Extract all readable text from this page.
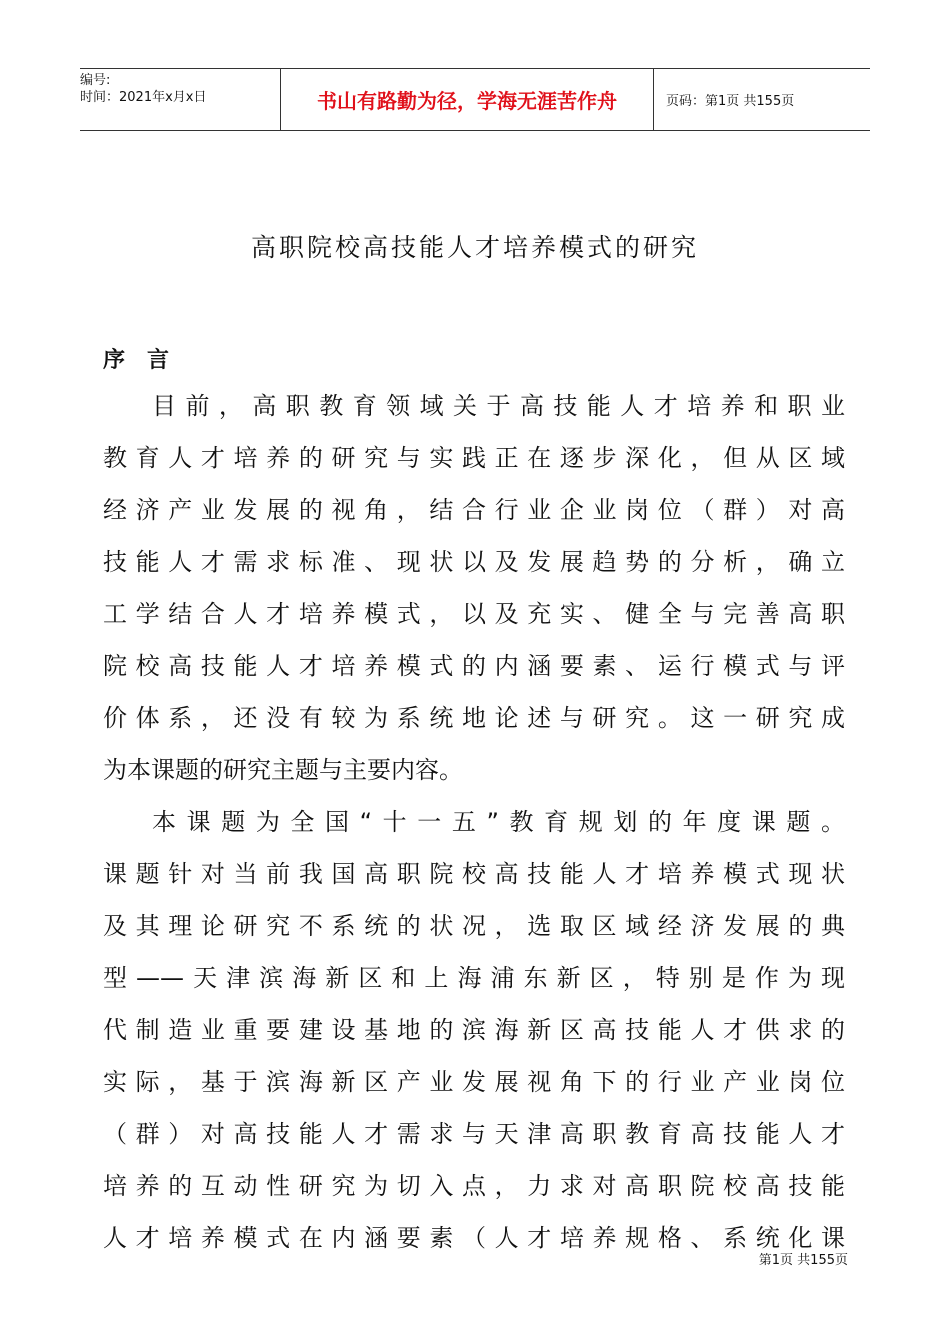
编号:
时间：2021年x月x日	书山有路勤为径，学海无涯苦作舟	页码：第1页 共155页
高职院校高技能人才培养模式的研究
序　言
目前，高职教育领域关于高技能人才培养和职业
教育人才培养的研究与实践正在逐步深化，但从区域
经济产业发展的视角，结合行业企业岗位（群）对高
技能人才需求标准、现状以及发展趋势的分析，确立
工学结合人才培养模式，以及充实、健全与完善高职
院校高技能人才培养模式的内涵要素、运行模式与评
价体系，还没有较为系统地论述与研究。这一研究成
为本课题的研究主题与主要内容。
本课题为全国“十一五”教育规划的年度课题。
课题针对当前我国高职院校高技能人才培养模式现状
及其理论研究不系统的状况，选取区域经济发展的典
型——天津滨海新区和上海浦东新区，特别是作为现
代制造业重要建设基地的滨海新区高技能人才供求的
实际，基于滨海新区产业发展视角下的行业产业岗位
（群）对高技能人才需求与天津高职教育高技能人才
培养的互动性研究为切入点，力求对高职院校高技能
人才培养模式在内涵要素（人才培养规格、系统化课
第1页 共155页
